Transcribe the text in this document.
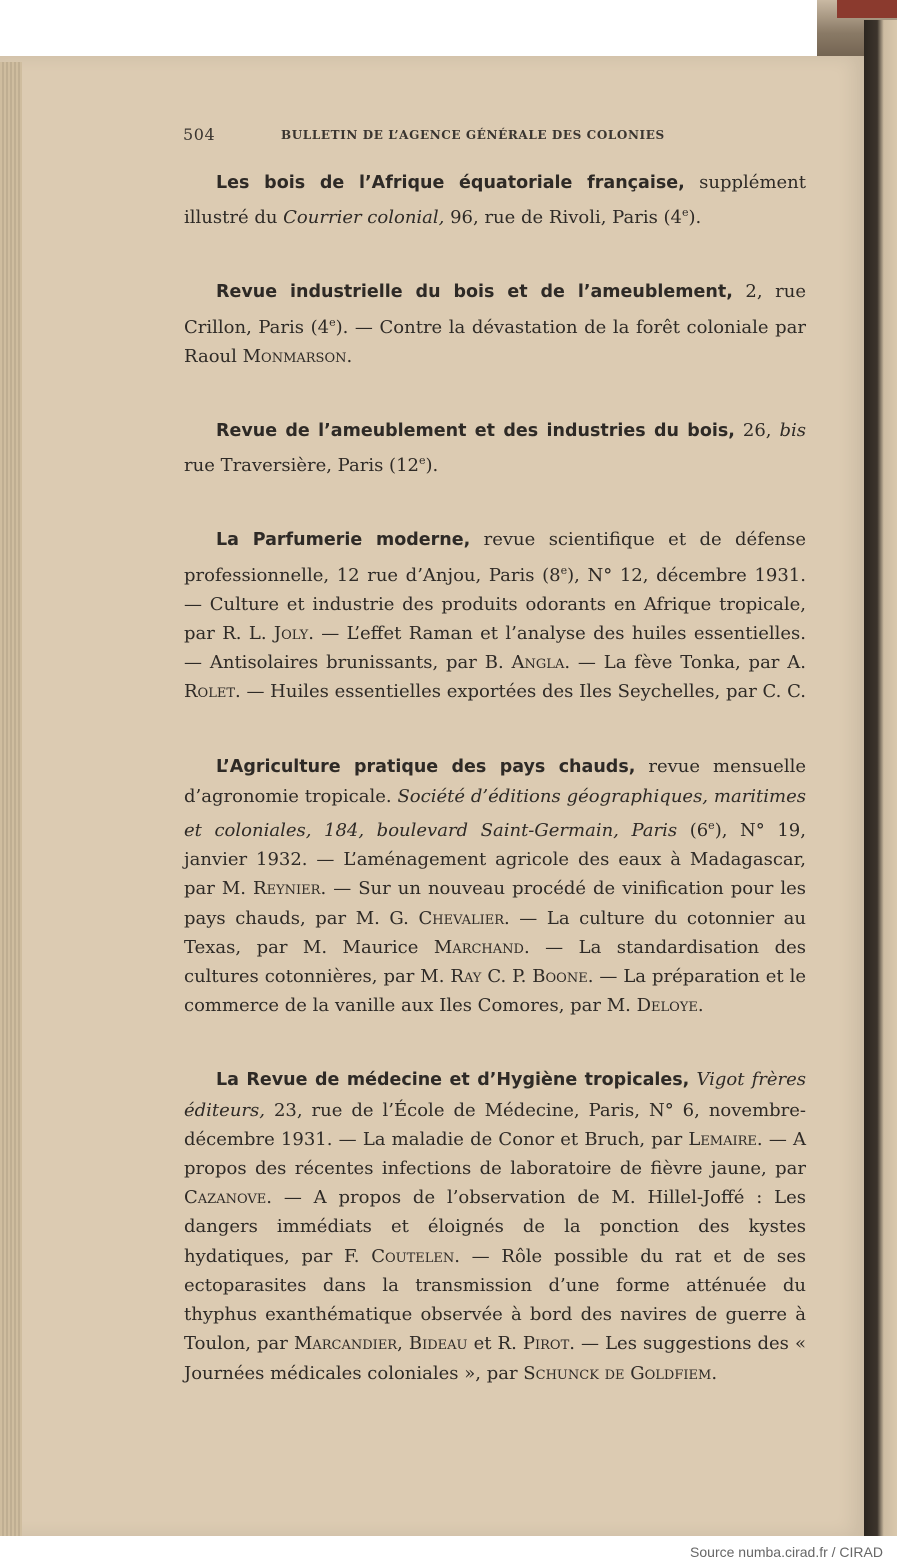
504	BULLETIN DE L’AGENCE GÉNÉRALE DES COLONIES

Les bois de l’Afrique équatoriale française, supplément illustré du Courrier colonial, 96, rue de Rivoli, Paris (4e).

Revue industrielle du bois et de l’ameublement, 2, rue Crillon, Paris (4e). — Contre la dévastation de la forêt coloniale par Raoul Monmarson.

Revue de l’ameublement et des industries du bois, 26, bis rue Traversière, Paris (12e).

La Parfumerie moderne, revue scientifique et de défense professionnelle, 12 rue d’Anjou, Paris (8e), N° 12, décembre 1931. — Culture et industrie des produits odorants en Afrique tropicale, par R. L. Joly. — L’effet Raman et l’analyse des huiles essentielles. — Antisolaires brunissants, par B. Angla. — La fève Tonka, par A. Rolet. — Huiles essentielles exportées des Iles Seychelles, par C. C.

L’Agriculture pratique des pays chauds, revue mensuelle d’agronomie tropicale. Société d’éditions géographiques, maritimes et coloniales, 184, boulevard Saint-Germain, Paris (6e), N° 19, janvier 1932. — L’aménagement agricole des eaux à Madagascar, par M. Reynier. — Sur un nouveau procédé de vinification pour les pays chauds, par M. G. Chevalier. — La culture du cotonnier au Texas, par M. Maurice Marchand. — La standardisation des cultures cotonnières, par M. Ray C. P. Boone. — La préparation et le commerce de la vanille aux Iles Comores, par M. Deloye.

La Revue de médecine et d’Hygiène tropicales, Vigot frères éditeurs, 23, rue de l’École de Médecine, Paris, N° 6, novembre-décembre 1931. — La maladie de Conor et Bruch, par Lemaire. — A propos des récentes infections de laboratoire de fièvre jaune, par Cazanove. — A propos de l’observation de M. Hillel-Joffé : Les dangers immédiats et éloignés de la ponction des kystes hydatiques, par F. Coutelen. — Rôle possible du rat et de ses ectoparasites dans la transmission d’une forme atténuée du thyphus exanthématique observée à bord des navires de guerre à Toulon, par Marcandier, Bideau et R. Pirot. — Les suggestions des « Journées médicales coloniales », par Schunck de Goldfiem.

Source numba.cirad.fr / CIRAD
